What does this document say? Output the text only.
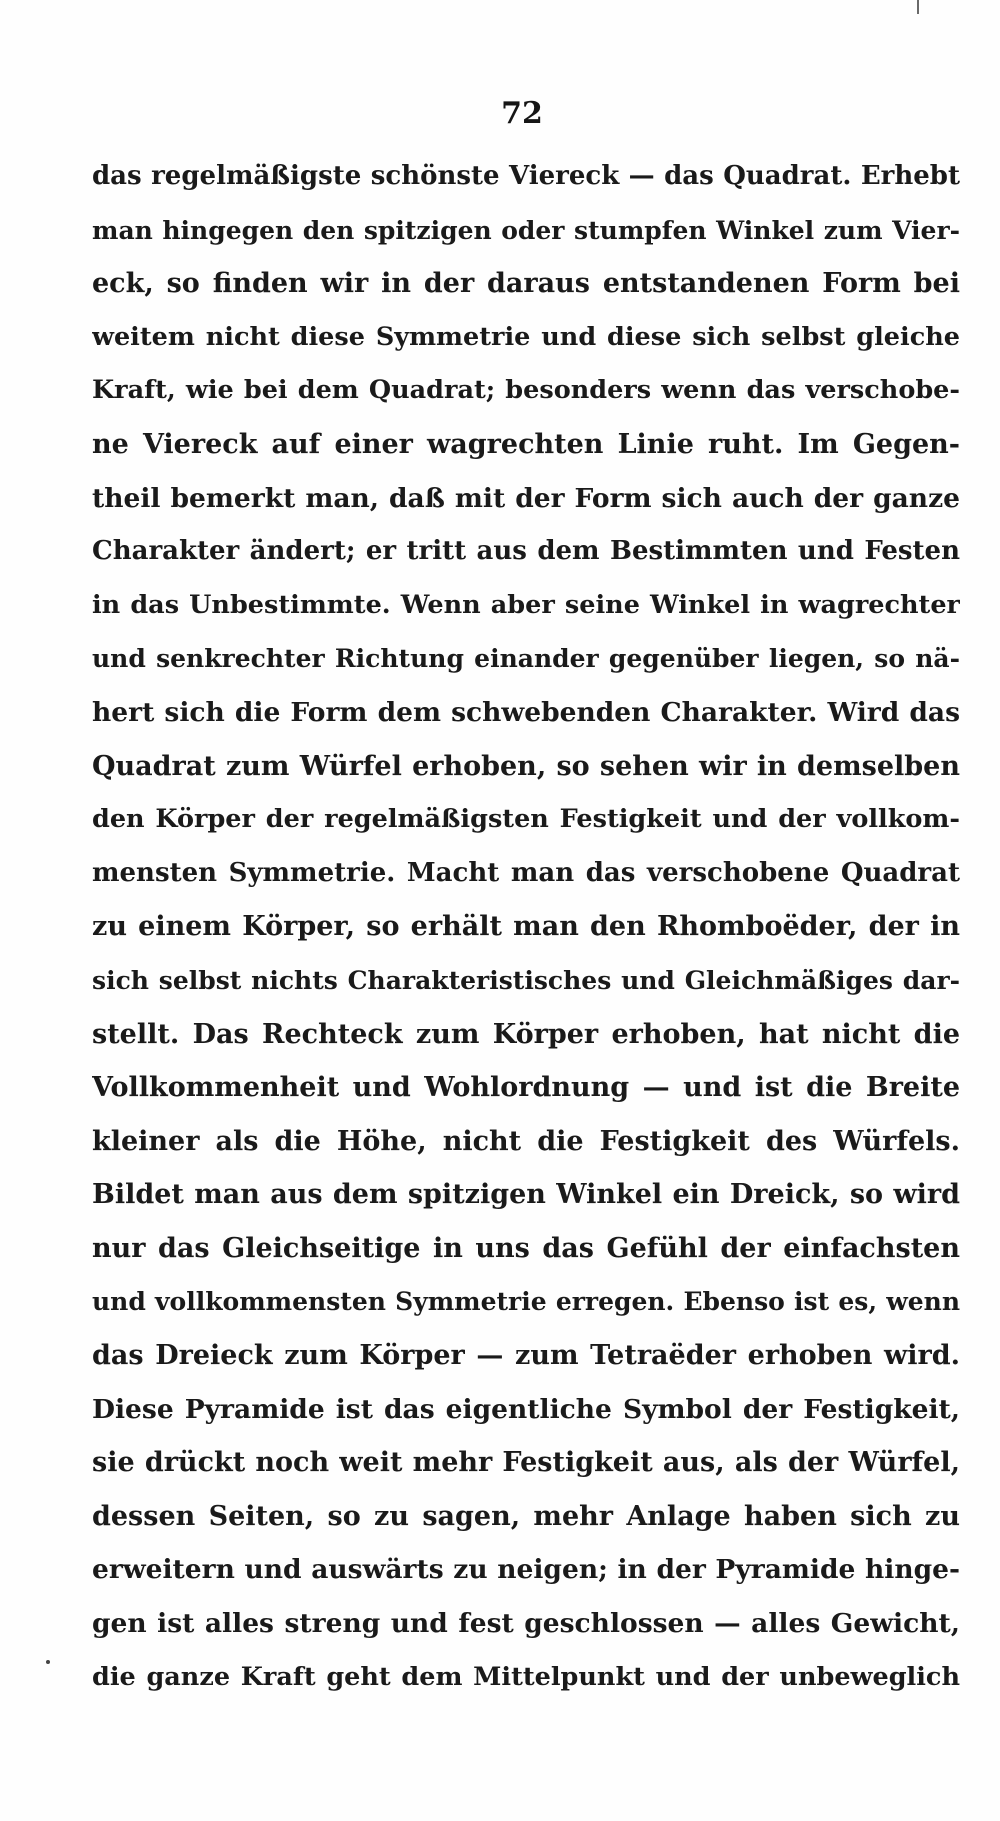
72
das regelmäßigste schönste Viereck — das Quadrat. Erhebt
man hingegen den spitzigen oder stumpfen Winkel zum Vier-
eck, so finden wir in der daraus entstandenen Form bei
weitem nicht diese Symmetrie und diese sich selbst gleiche
Kraft, wie bei dem Quadrat; besonders wenn das verschobe-
ne Viereck auf einer wagrechten Linie ruht. Im Gegen-
theil bemerkt man, daß mit der Form sich auch der ganze
Charakter ändert; er tritt aus dem Bestimmten und Festen
in das Unbestimmte. Wenn aber seine Winkel in wagrechter
und senkrechter Richtung einander gegenüber liegen, so nä-
hert sich die Form dem schwebenden Charakter. Wird das
Quadrat zum Würfel erhoben, so sehen wir in demselben
den Körper der regelmäßigsten Festigkeit und der vollkom-
mensten Symmetrie. Macht man das verschobene Quadrat
zu einem Körper, so erhält man den Rhomboëder, der in
sich selbst nichts Charakteristisches und Gleichmäßiges dar-
stellt. Das Rechteck zum Körper erhoben, hat nicht die
Vollkommenheit und Wohlordnung — und ist die Breite
kleiner als die Höhe, nicht die Festigkeit des Würfels.
Bildet man aus dem spitzigen Winkel ein Dreick, so wird
nur das Gleichseitige in uns das Gefühl der einfachsten
und vollkommensten Symmetrie erregen. Ebenso ist es, wenn
das Dreieck zum Körper — zum Tetraëder erhoben wird.
Diese Pyramide ist das eigentliche Symbol der Festigkeit,
sie drückt noch weit mehr Festigkeit aus, als der Würfel,
dessen Seiten, so zu sagen, mehr Anlage haben sich zu
erweitern und auswärts zu neigen; in der Pyramide hinge-
gen ist alles streng und fest geschlossen — alles Gewicht,
die ganze Kraft geht dem Mittelpunkt und der unbeweglich
